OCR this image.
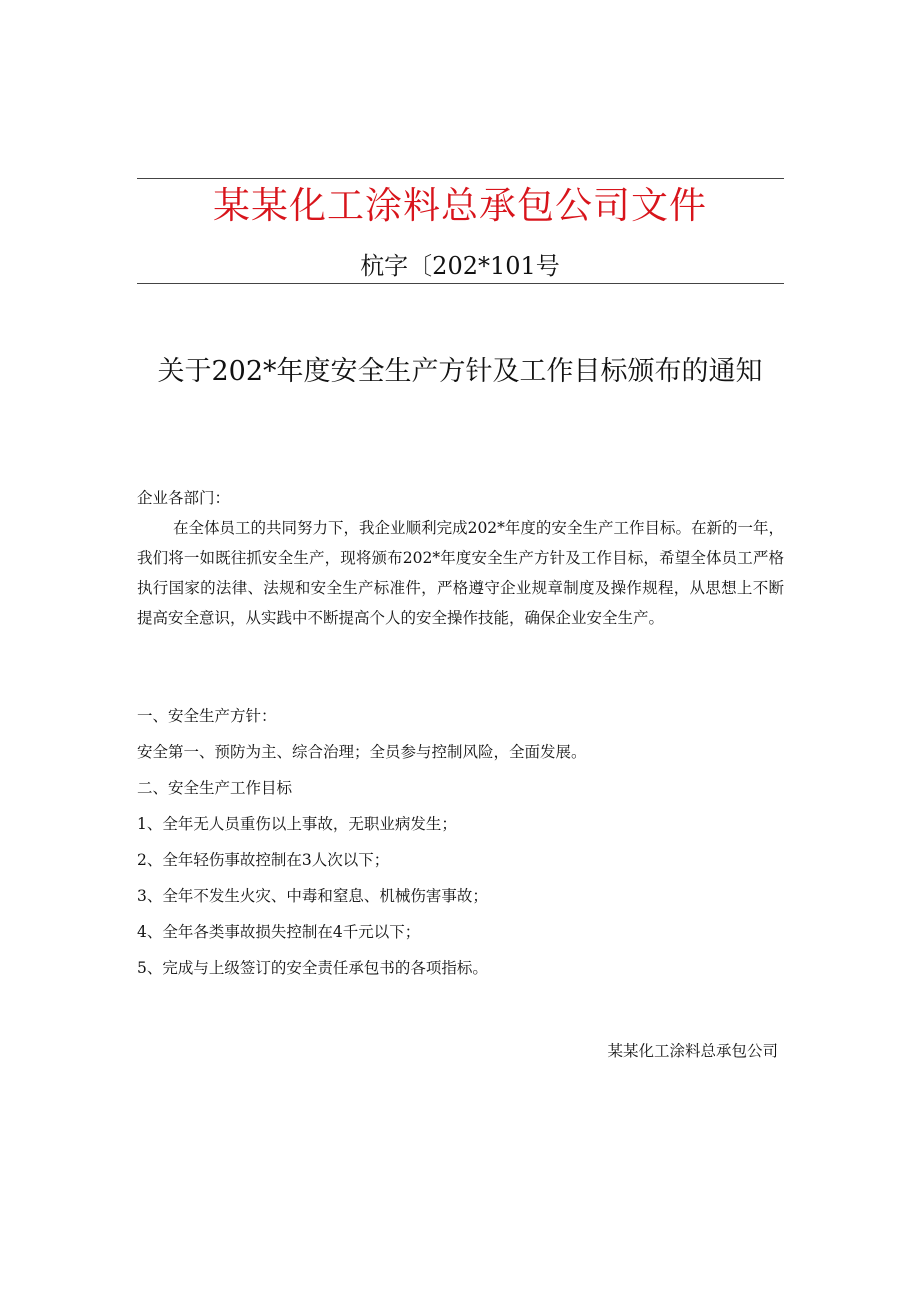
某某化工涂料总承包公司文件
杭字〔202*101号
关于202*年度安全生产方针及工作目标颁布的通知
企业各部门：
在全体员工的共同努力下，我企业顺利完成202*年度的安全生产工作目标。在新的一年，我们将一如既往抓安全生产，现将颁布202*年度安全生产方针及工作目标，希望全体员工严格执行国家的法律、法规和安全生产标准件，严格遵守企业规章制度及操作规程，从思想上不断提高安全意识，从实践中不断提高个人的安全操作技能，确保企业安全生产。

一、安全生产方针：

安全第一、预防为主、综合治理；全员参与控制风险，全面发展。

二、安全生产工作目标

1、全年无人员重伤以上事故，无职业病发生；

2、全年轻伤事故控制在3人次以下；

3、全年不发生火灾、中毒和窒息、机械伤害事故；

4、全年各类事故损失控制在4千元以下；

5、完成与上级签订的安全责任承包书的各项指标。

某某化工涂料总承包公司
